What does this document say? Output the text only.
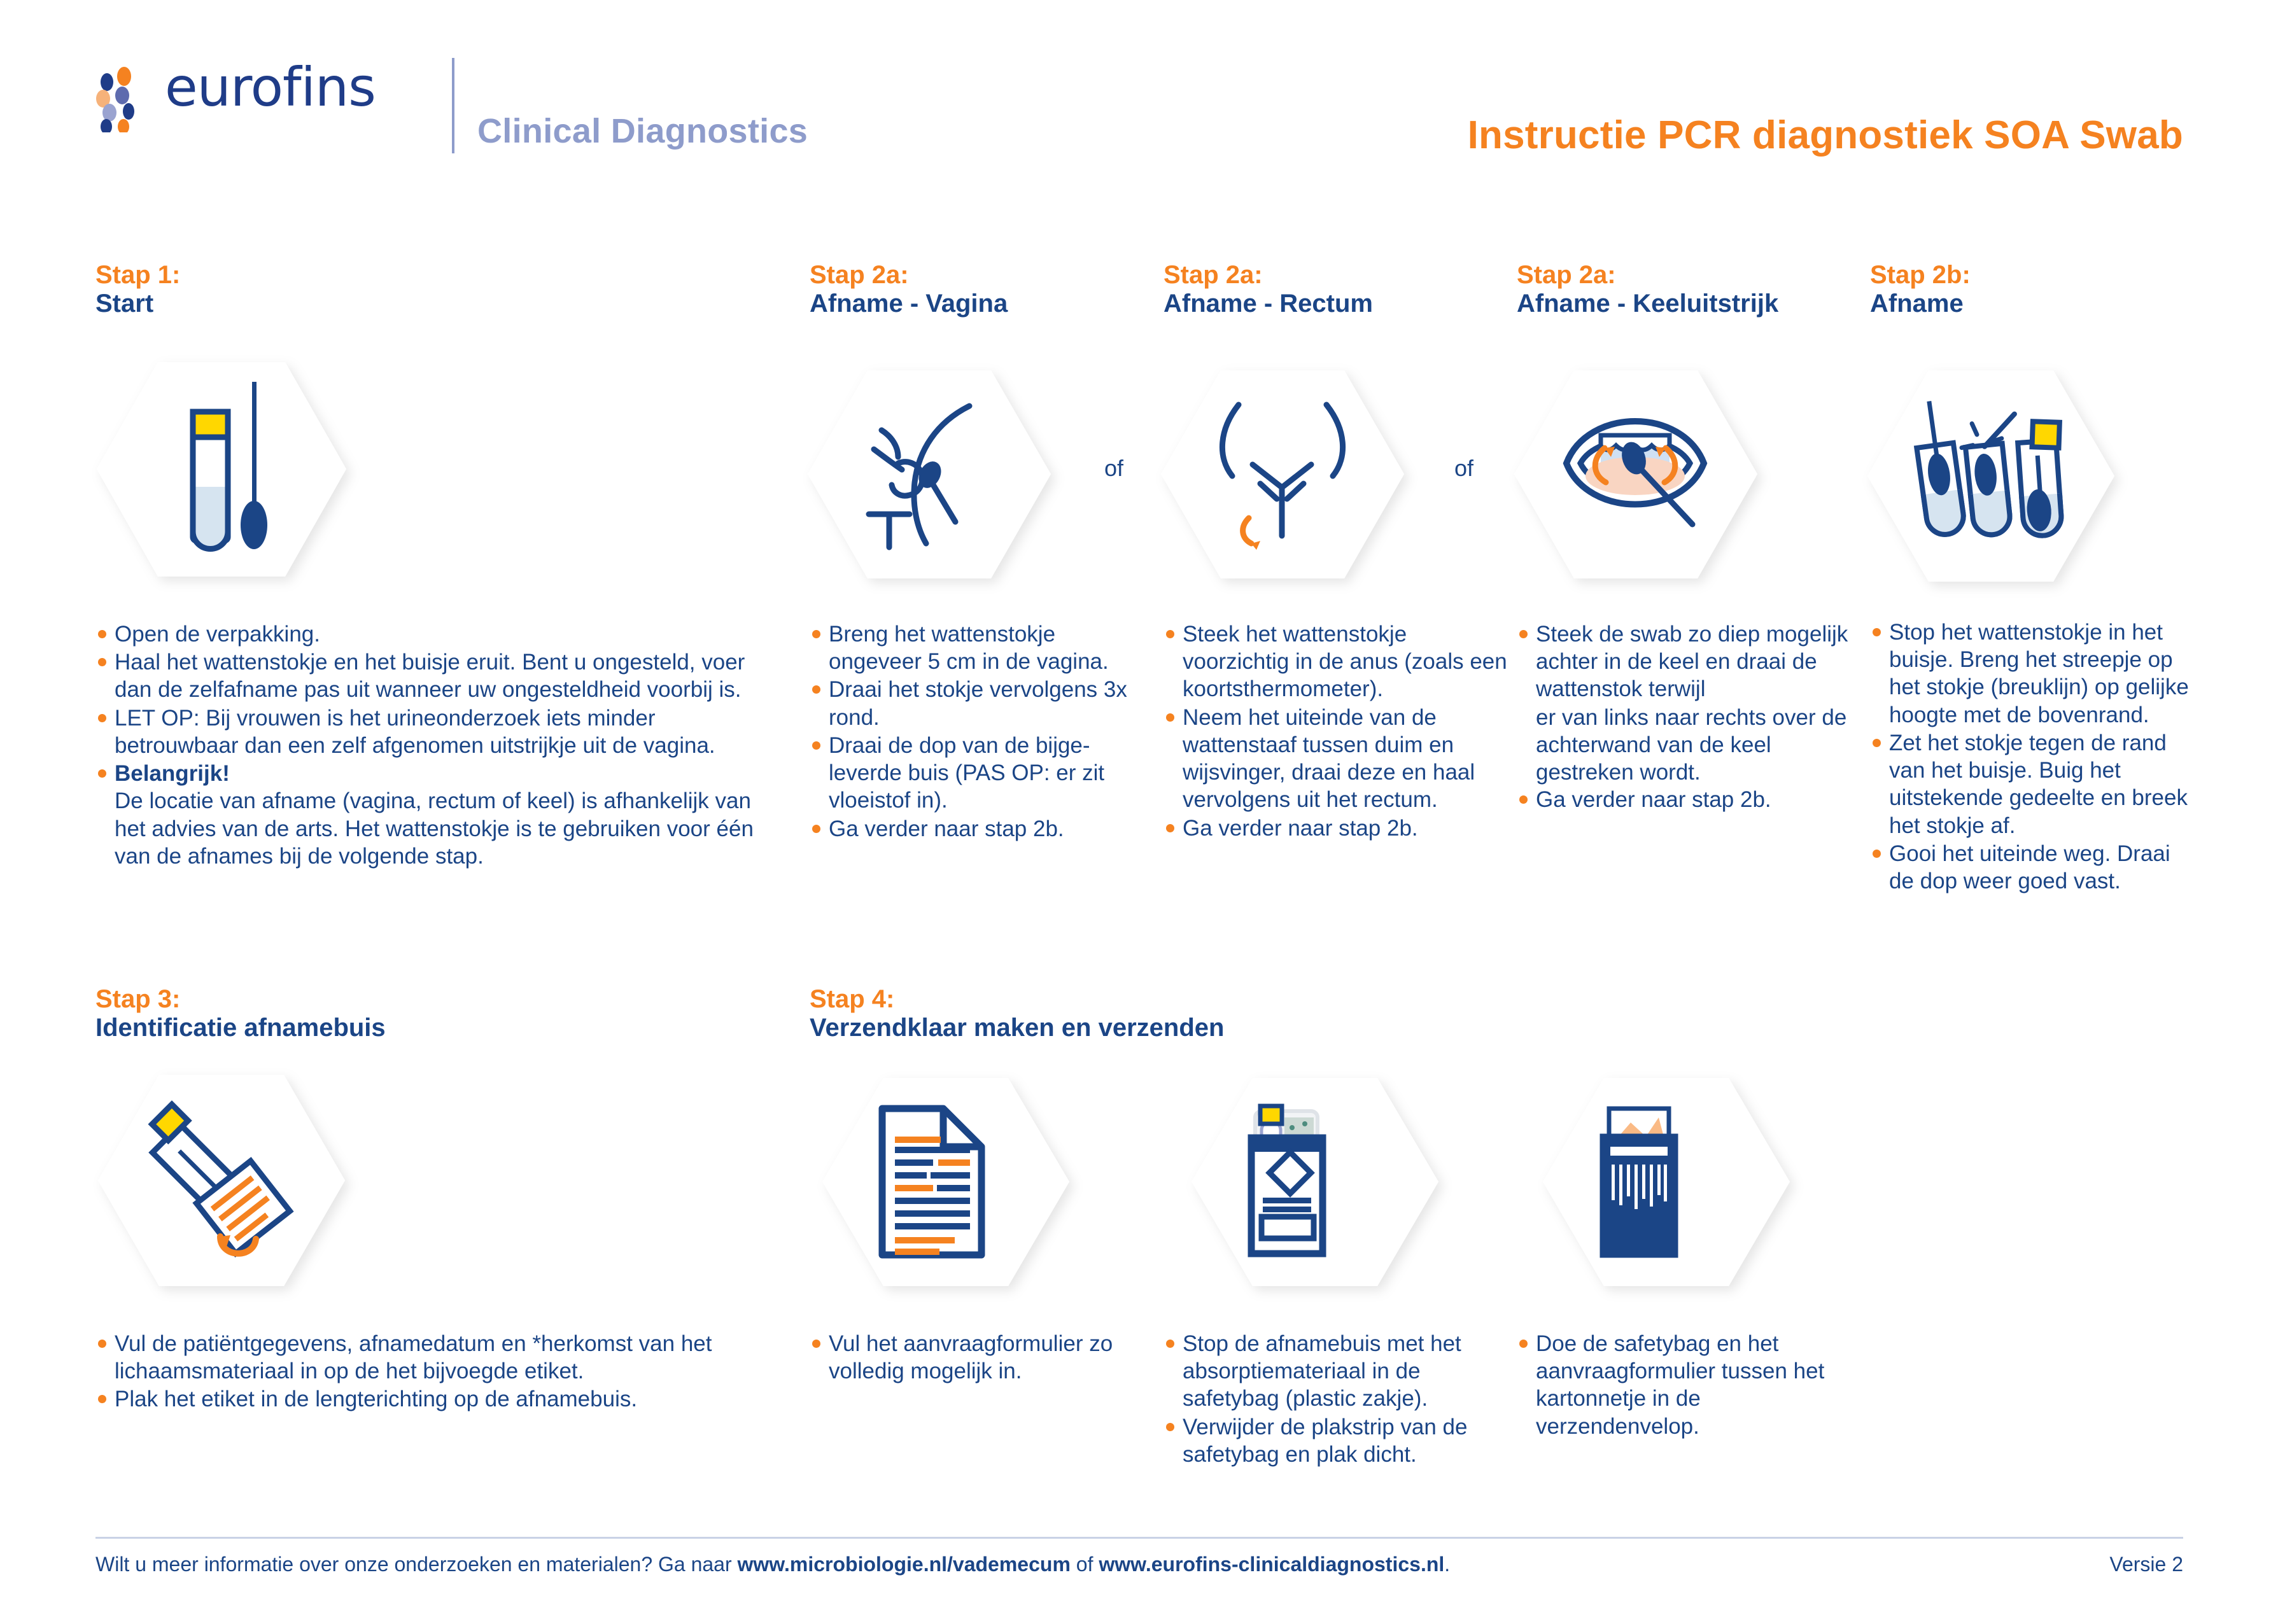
eurofins
Clinical Diagnostics	Instructie PCR diagnostiek SOA Swab
Stap 1:
Start
Open de verpakking.
Haal het wattenstokje en het buisje eruit. Bent u ongesteld, voer dan de zelfafname pas uit wanneer uw ongesteldheid voorbij is.
LET OP: Bij vrouwen is het urineonderzoek iets minder betrouwbaar dan een zelf afgenomen uitstrijkje uit de vagina.
Belangrijk!
De locatie van afname (vagina, rectum of keel) is afhankelijk van het advies van de arts. Het wattenstokje is te gebruiken voor één van de afnames bij de volgende stap.
Stap 2a:
Afname - Vagina
Breng het wattenstokje ongeveer 5 cm in de vagina.
Draai het stokje vervolgens 3x rond.
Draai de dop van de bijge-leverde buis (PAS OP: er zit vloeistof in).
Ga verder naar stap 2b.
of
Stap 2a:
Afname - Rectum
Steek het wattenstokje voorzichtig in de anus (zoals een koortsthermometer).
Neem het uiteinde van de wattenstaaf tussen duim en wijsvinger, draai deze en haal vervolgens uit het rectum.
Ga verder naar stap 2b.
of
Stap 2a:
Afname - Keeluitstrijk
Steek de swab zo diep mogelijk achter in de keel en draai de wattenstok terwijl
er van links naar rechts over de achterwand van de keel gestreken wordt.
Ga verder naar stap 2b.
Stap 2b:
Afname
Stop het wattenstokje in het buisje. Breng het streepje op het stokje (breuklijn) op gelijke hoogte met de bovenrand.
Zet het stokje tegen de rand van het buisje. Buig het uitstekende gedeelte en breek het stokje af.
Gooi het uiteinde weg. Draai de dop weer goed vast.
Stap 3:
Identificatie afnamebuis
Vul de patiëntgegevens, afnamedatum en *herkomst van het lichaamsmateriaal in op de het bijvoegde etiket.
Plak het etiket in de lengterichting op de afnamebuis.
Stap 4:
Verzendklaar maken en verzenden
Vul het aanvraagformulier zo volledig mogelijk in.
Stop de afnamebuis met het absorptiemateriaal in de safetybag (plastic zakje).
Verwijder de plakstrip van de safetybag en plak dicht.
Doe de safetybag en het aanvraagformulier tussen het kartonnetje in de verzendenvelop.
Wilt u meer informatie over onze onderzoeken en materialen? Ga naar www.microbiologie.nl/vademecum of www.eurofins-clinicaldiagnostics.nl.	Versie 2
